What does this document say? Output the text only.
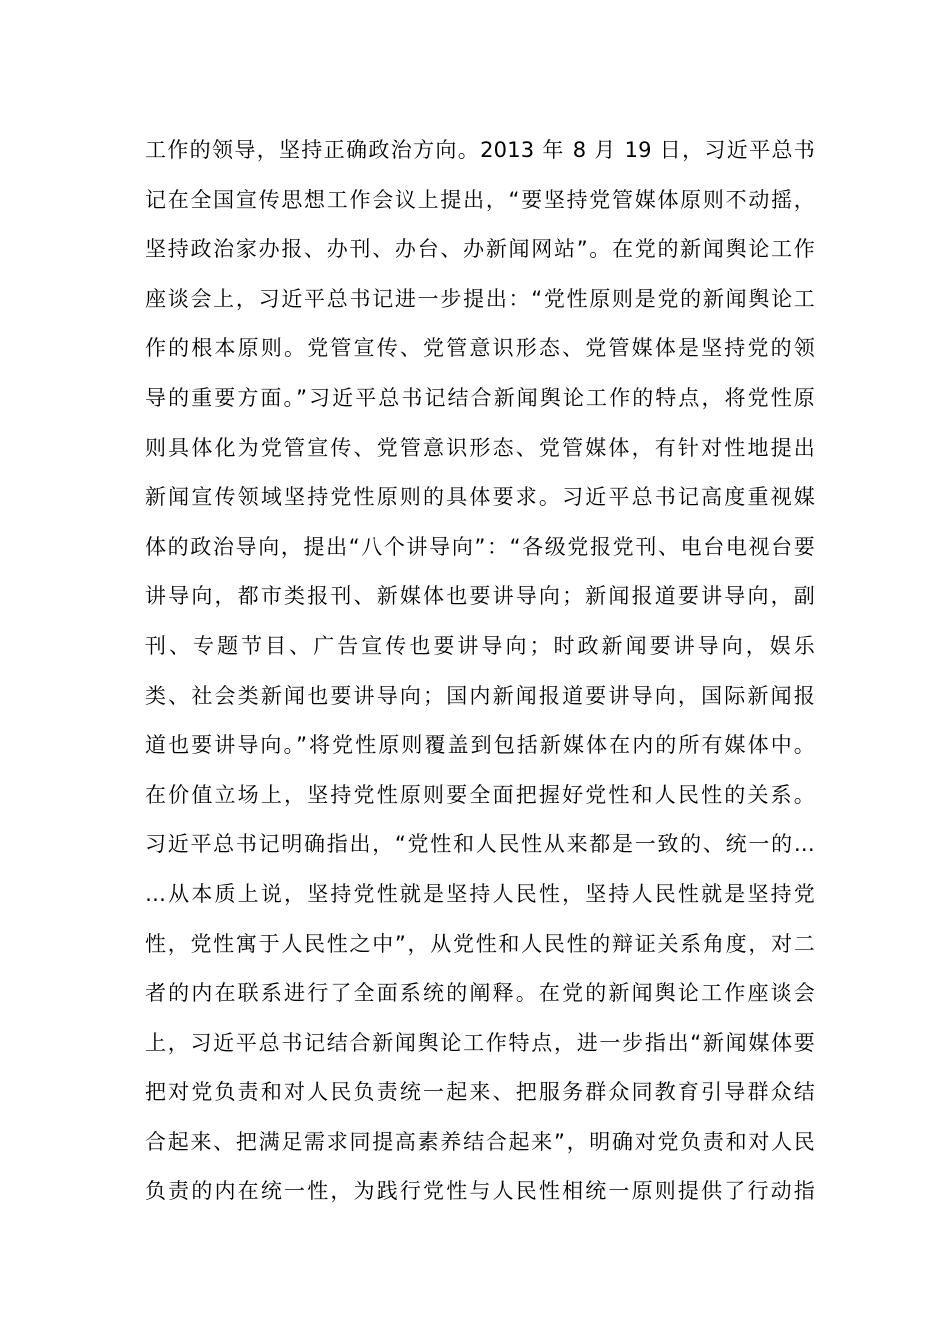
工作的领导，坚持正确政治方向。2013 年 8 月 19 日，习近平总书
记在全国宣传思想工作会议上提出，“要坚持党管媒体原则不动摇，
坚持政治家办报、办刊、办台、办新闻网站”。在党的新闻舆论工作
座谈会上，习近平总书记进一步提出：“党性原则是党的新闻舆论工
作的根本原则。党管宣传、党管意识形态、党管媒体是坚持党的领
导的重要方面。”习近平总书记结合新闻舆论工作的特点，将党性原
则具体化为党管宣传、党管意识形态、党管媒体，有针对性地提出
新闻宣传领域坚持党性原则的具体要求。习近平总书记高度重视媒
体的政治导向，提出“八个讲导向”：“各级党报党刊、电台电视台要
讲导向，都市类报刊、新媒体也要讲导向；新闻报道要讲导向，副
刊、专题节目、广告宣传也要讲导向；时政新闻要讲导向，娱乐
类、社会类新闻也要讲导向；国内新闻报道要讲导向，国际新闻报
道也要讲导向。”将党性原则覆盖到包括新媒体在内的所有媒体中。
在价值立场上，坚持党性原则要全面把握好党性和人民性的关系。
习近平总书记明确指出，“党性和人民性从来都是一致的、统一的…
…从本质上说，坚持党性就是坚持人民性，坚持人民性就是坚持党
性，党性寓于人民性之中”，从党性和人民性的辩证关系角度，对二
者的内在联系进行了全面系统的阐释。在党的新闻舆论工作座谈会
上，习近平总书记结合新闻舆论工作特点，进一步指出“新闻媒体要
把对党负责和对人民负责统一起来、把服务群众同教育引导群众结
合起来、把满足需求同提高素养结合起来”，明确对党负责和对人民
负责的内在统一性，为践行党性与人民性相统一原则提供了行动指
